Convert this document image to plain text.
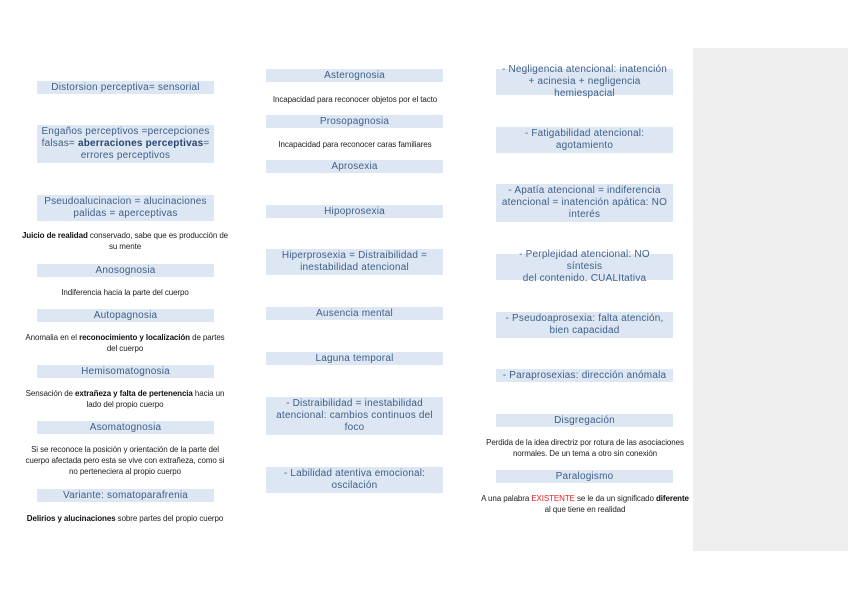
Distorsion perceptiva= sensorial
Engaños perceptivos =percepciones
falsas= aberraciones perceptivas=
errores perceptivos
Pseudoalucinacion = alucinaciones
palidas = aperceptivas
Juicio de realidad conservado, sabe que es producción de
su mente
Anosognosia
Indiferencia hacia la parte del cuerpo
Autopagnosia
Anomalia en el reconocimiento y localización de partes
del cuerpo
Hemisomatognosia
Sensación de extrañeza y falta de pertenencia hacia un
lado del propio cuerpo
Asomatognosia
Si se reconoce la posición y orientación de la parte del
cuerpo afectada pero esta se vive con extrañeza, como si
no perteneciera al propio cuerpo
Variante: somatoparafrenia
Delirios y alucinaciones sobre partes del propio cuerpo
Asterognosia
Incapacidad para reconocer objetos por el tacto
Prosopagnosia
Incapacidad para reconocer caras familiares
Aprosexia
Hipoprosexia
Hiperprosexia = Distraibilidad =
inestabilidad atencional
Ausencia mental
Laguna temporal
- Distraibilidad = inestabilidad
atencional: cambios continuos del
foco
- Labilidad atentiva emocional:
oscilación
- Negligencia atencional: inatención
+ acinesia + negligencia hemiespacial
- Fatigabilidad atencional:
agotamiento
- Apatía atencional = indiferencia
atencional = inatención apática: NO
interés
- Perplejidad atencional: NO síntesis
del contenido. CUALItativa
- Pseudoaprosexia: falta atención,
bien capacidad
- Paraprosexias: dirección anómala
Disgregación
Perdida de la idea directriz por rotura de las asociaciones
normales. De un tema a otro sin conexión
Paralogismo
A una palabra EXISTENTE se le da un significado diferente
al que tiene en realidad
